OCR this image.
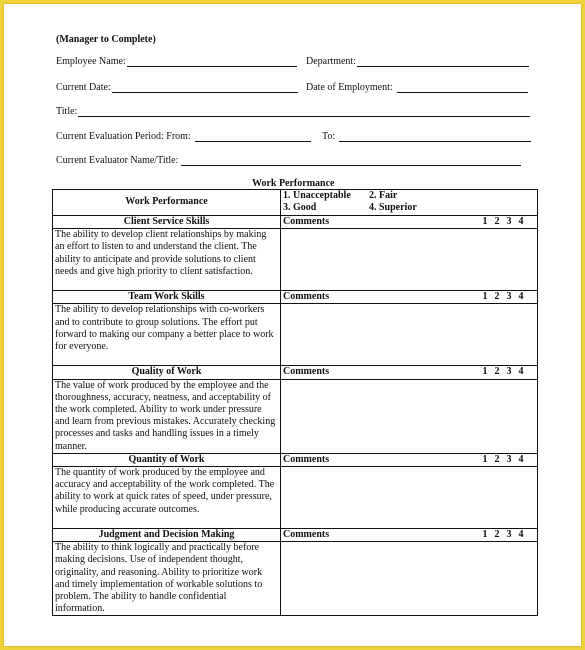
(Manager to Complete)
Employee Name:	Department:
Current Date:	Date of Employment:
Title:
Current Evaluation Period: From:	To:
Current Evaluator Name/Title:
Work Performance
Work Performance	1. Unacceptable 2. Fair
3. Good 4. Superior

Client Service Skills	Comments 1 2 3 4

The ability to develop client relationships by making an effort to listen to and understand the client. The ability to anticipate and provide solutions to client needs and give high priority to client satisfaction.	
Team Work Skills	Comments 1 2 3 4

The ability to develop relationships with co-workers and to contribute to group solutions. The effort put forward to making our company a better place to work for everyone.	
Quality of Work	Comments 1 2 3 4

The value of work produced by the employee and the thoroughness, accuracy, neatness, and acceptability of the work completed. Ability to work under pressure and learn from previous mistakes. Accurately checking processes and tasks and handling issues in a timely manner.	
Quantity of Work	Comments 1 2 3 4

The quantity of work produced by the employee and accuracy and acceptability of the work completed. The ability to work at quick rates of speed, under pressure, while producing accurate outcomes.	
Judgment and Decision Making	Comments 1 2 3 4

The ability to think logically and practically before making decisions. Use of independent thought, originality, and reasoning. Ability to prioritize work and timely implementation of workable solutions to problem. The ability to handle confidential information.	
